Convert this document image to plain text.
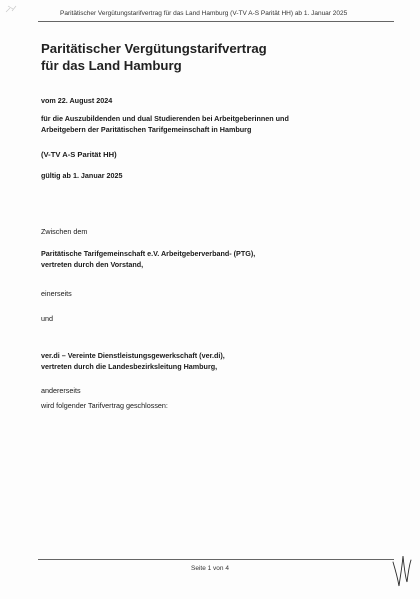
Paritätischer Vergütungstarifvertrag für das Land Hamburg (V-TV A-S Parität HH) ab 1. Januar 2025
Paritätischer Vergütungstarifvertrag
für das Land Hamburg
vom 22. August 2024
für die Auszubildenden und dual Studierenden bei Arbeitgeberinnen und
Arbeitgebern der Paritätischen Tarifgemeinschaft in Hamburg
(V-TV A-S Parität HH)
gültig ab 1. Januar 2025
Zwischen dem
Paritätische Tarifgemeinschaft e.V. Arbeitgeberverband- (PTG),
vertreten durch den Vorstand,
einerseits
und
ver.di – Vereinte Dienstleistungsgewerkschaft (ver.di),
vertreten durch die Landesbezirksleitung Hamburg,
andererseits
wird folgender Tarifvertrag geschlossen:
Seite 1 von 4
